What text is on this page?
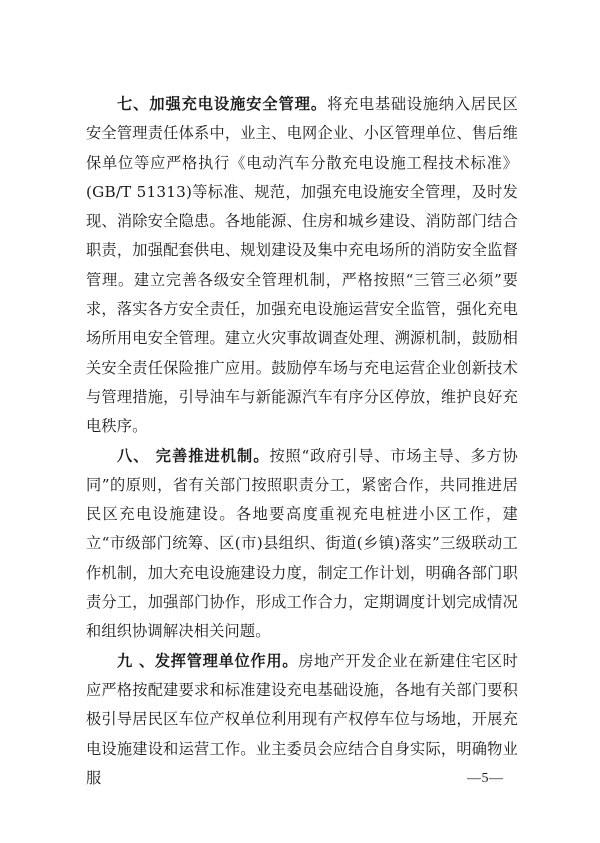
七、加强充电设施安全管理。将充电基础设施纳入居民区安全管理责任体系中，业主、电网企业、小区管理单位、售后维保单位等应严格执行《电动汽车分散充电设施工程技术标准》(GB/T 51313)等标准、规范，加强充电设施安全管理，及时发现、消除安全隐患。各地能源、住房和城乡建设、消防部门结合职责，加强配套供电、规划建设及集中充电场所的消防安全监督管理。建立完善各级安全管理机制，严格按照“三管三必须”要求，落实各方安全责任，加强充电设施运营安全监管，强化充电场所用电安全管理。建立火灾事故调查处理、溯源机制，鼓励相关安全责任保险推广应用。鼓励停车场与充电运营企业创新技术与管理措施，引导油车与新能源汽车有序分区停放，维护良好充电秩序。

八、 完善推进机制。按照“政府引导、市场主导、多方协同”的原则，省有关部门按照职责分工，紧密合作，共同推进居民区充电设施建设。各地要高度重视充电桩进小区工作，建立“市级部门统筹、区(市)县组织、街道(乡镇)落实”三级联动工作机制，加大充电设施建设力度，制定工作计划，明确各部门职责分工，加强部门协作，形成工作合力，定期调度计划完成情况和组织协调解决相关问题。

九 、发挥管理单位作用。房地产开发企业在新建住宅区时应严格按配建要求和标准建设充电基础设施，各地有关部门要积极引导居民区车位产权单位利用现有产权停车位与场地，开展充电设施建设和运营工作。业主委员会应结合自身实际，明确物业服	—5—
